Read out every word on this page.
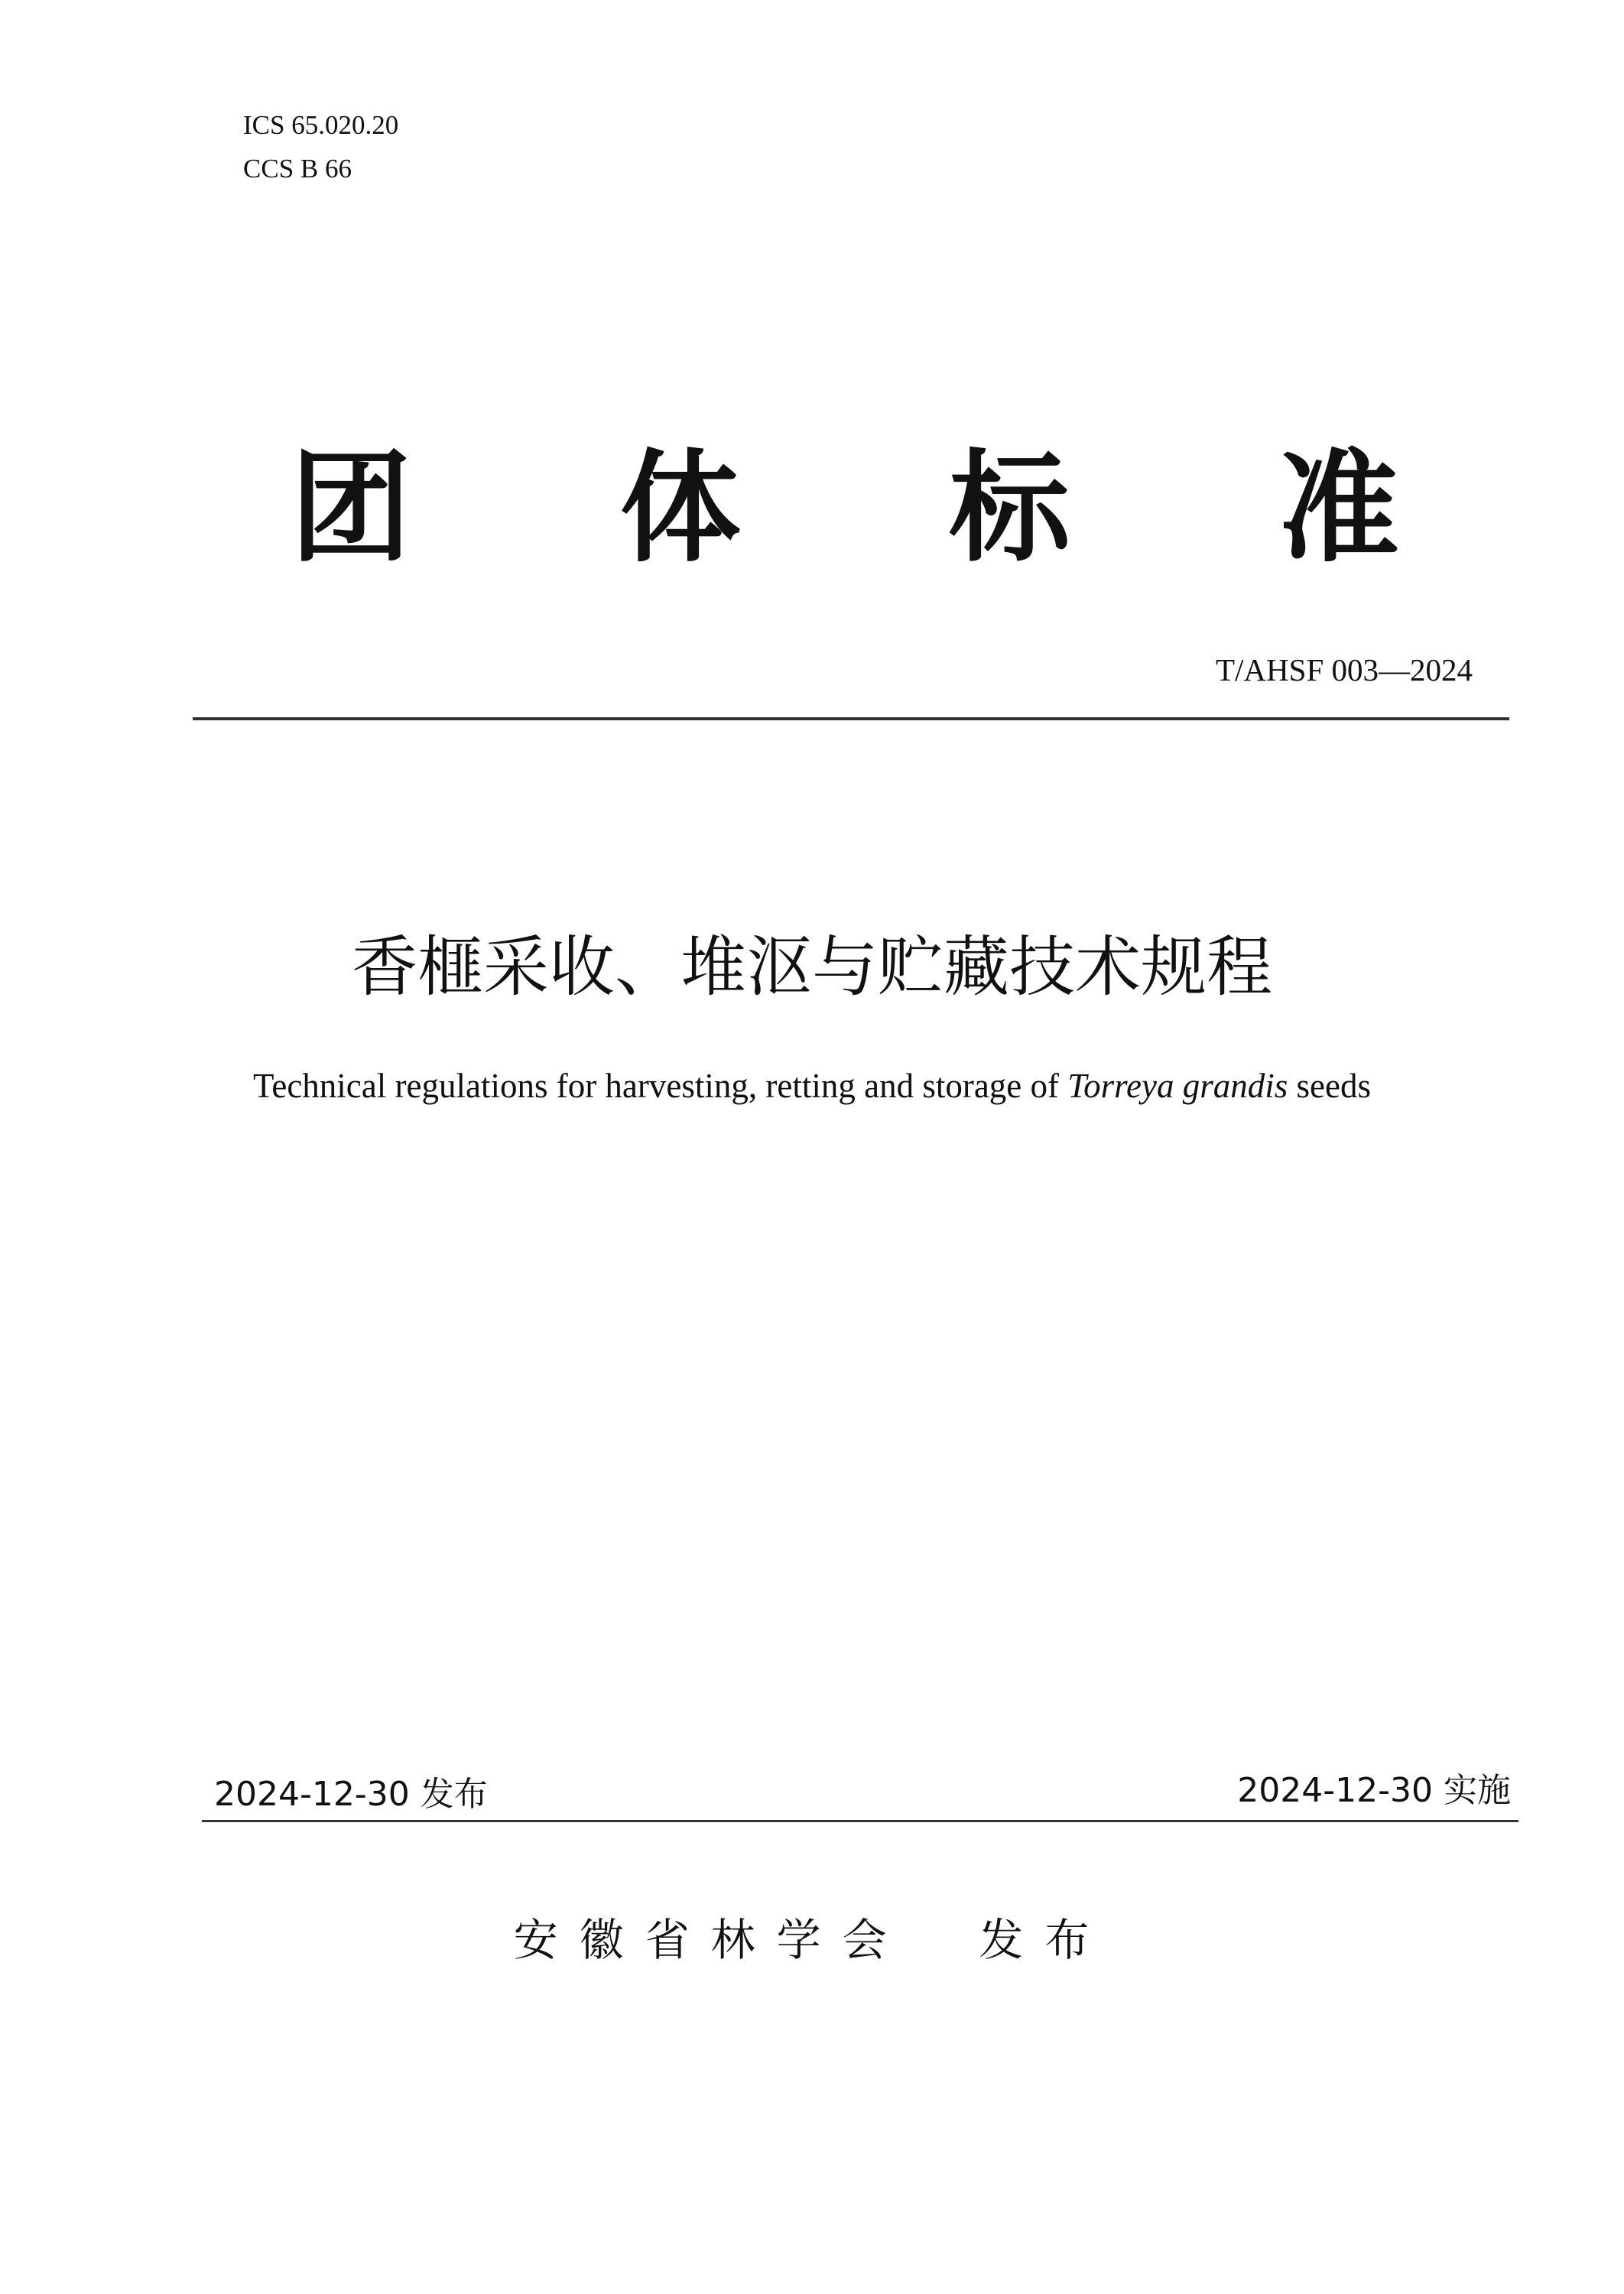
ICS 65.020.20
CCS B 66
团 体 标 准
T/AHSF 003—2024
香榧采收、堆沤与贮藏技术规程
Technical regulations for harvesting, retting and storage of Torreya grandis seeds
2024-12-30 发布	2024-12-30 实施
安徽省林学会  发布
